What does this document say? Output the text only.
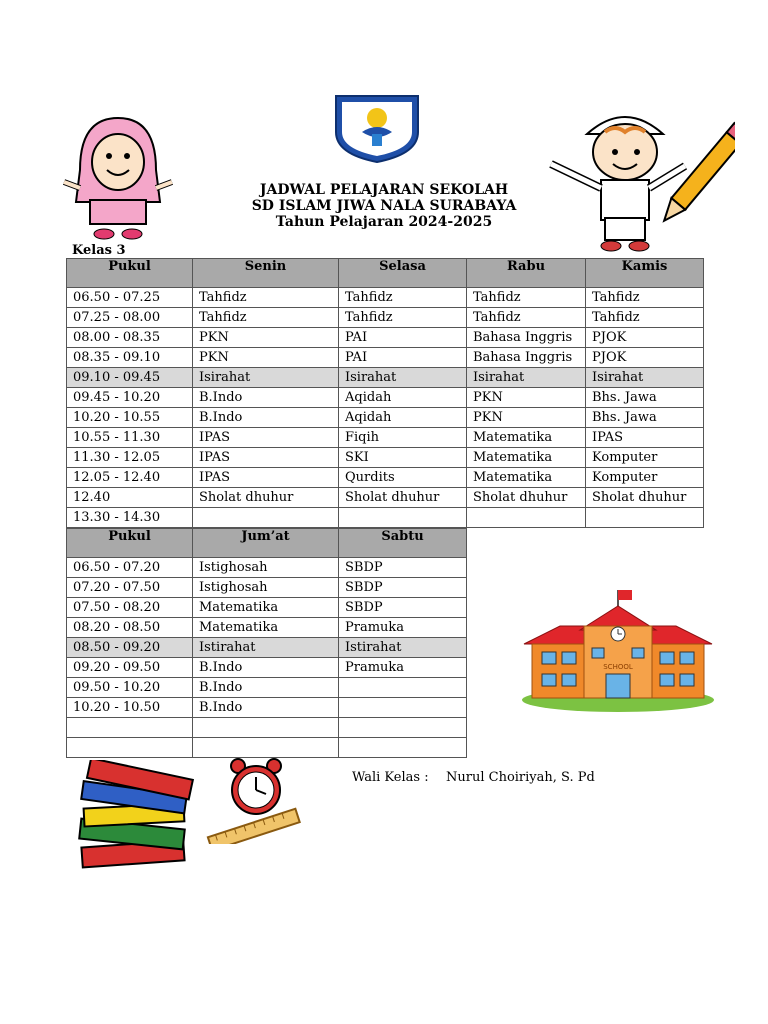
JADWAL PELAJARAN SEKOLAH
SD ISLAM JIWA NALA SURABAYA
Tahun Pelajaran 2024-2025
Kelas 3
Pukul	Senin	Selasa	Rabu	Kamis
06.50 - 07.25	Tahfidz	Tahfidz	Tahfidz	Tahfidz
07.25 - 08.00	Tahfidz	Tahfidz	Tahfidz	Tahfidz
08.00 - 08.35	PKN	PAI	Bahasa Inggris	PJOK
08.35 - 09.10	PKN	PAI	Bahasa Inggris	PJOK
09.10 - 09.45	Isirahat	Isirahat	Isirahat	Isirahat
09.45 - 10.20	B.Indo	Aqidah	PKN	Bhs. Jawa
10.20 - 10.55	B.Indo	Aqidah	PKN	Bhs. Jawa
10.55 - 11.30	IPAS	Fiqih	Matematika	IPAS
11.30 - 12.05	IPAS	SKI	Matematika	Komputer
12.05 - 12.40	IPAS	Qurdits	Matematika	Komputer
12.40	Sholat dhuhur	Sholat dhuhur	Sholat dhuhur	Sholat dhuhur
13.30 - 14.30				
Pukul	Jum’at	Sabtu
06.50 - 07.20	Istighosah	SBDP
07.20 - 07.50	Istighosah	SBDP
07.50 - 08.20	Matematika	SBDP
08.20 - 08.50	Matematika	Pramuka
08.50 - 09.20	Istirahat	Istirahat
09.20 - 09.50	B.Indo	Pramuka
09.50 - 10.20	B.Indo	
10.20 - 10.50	B.Indo	

SCHOOL
Wali Kelas : Nurul Choiriyah, S. Pd
